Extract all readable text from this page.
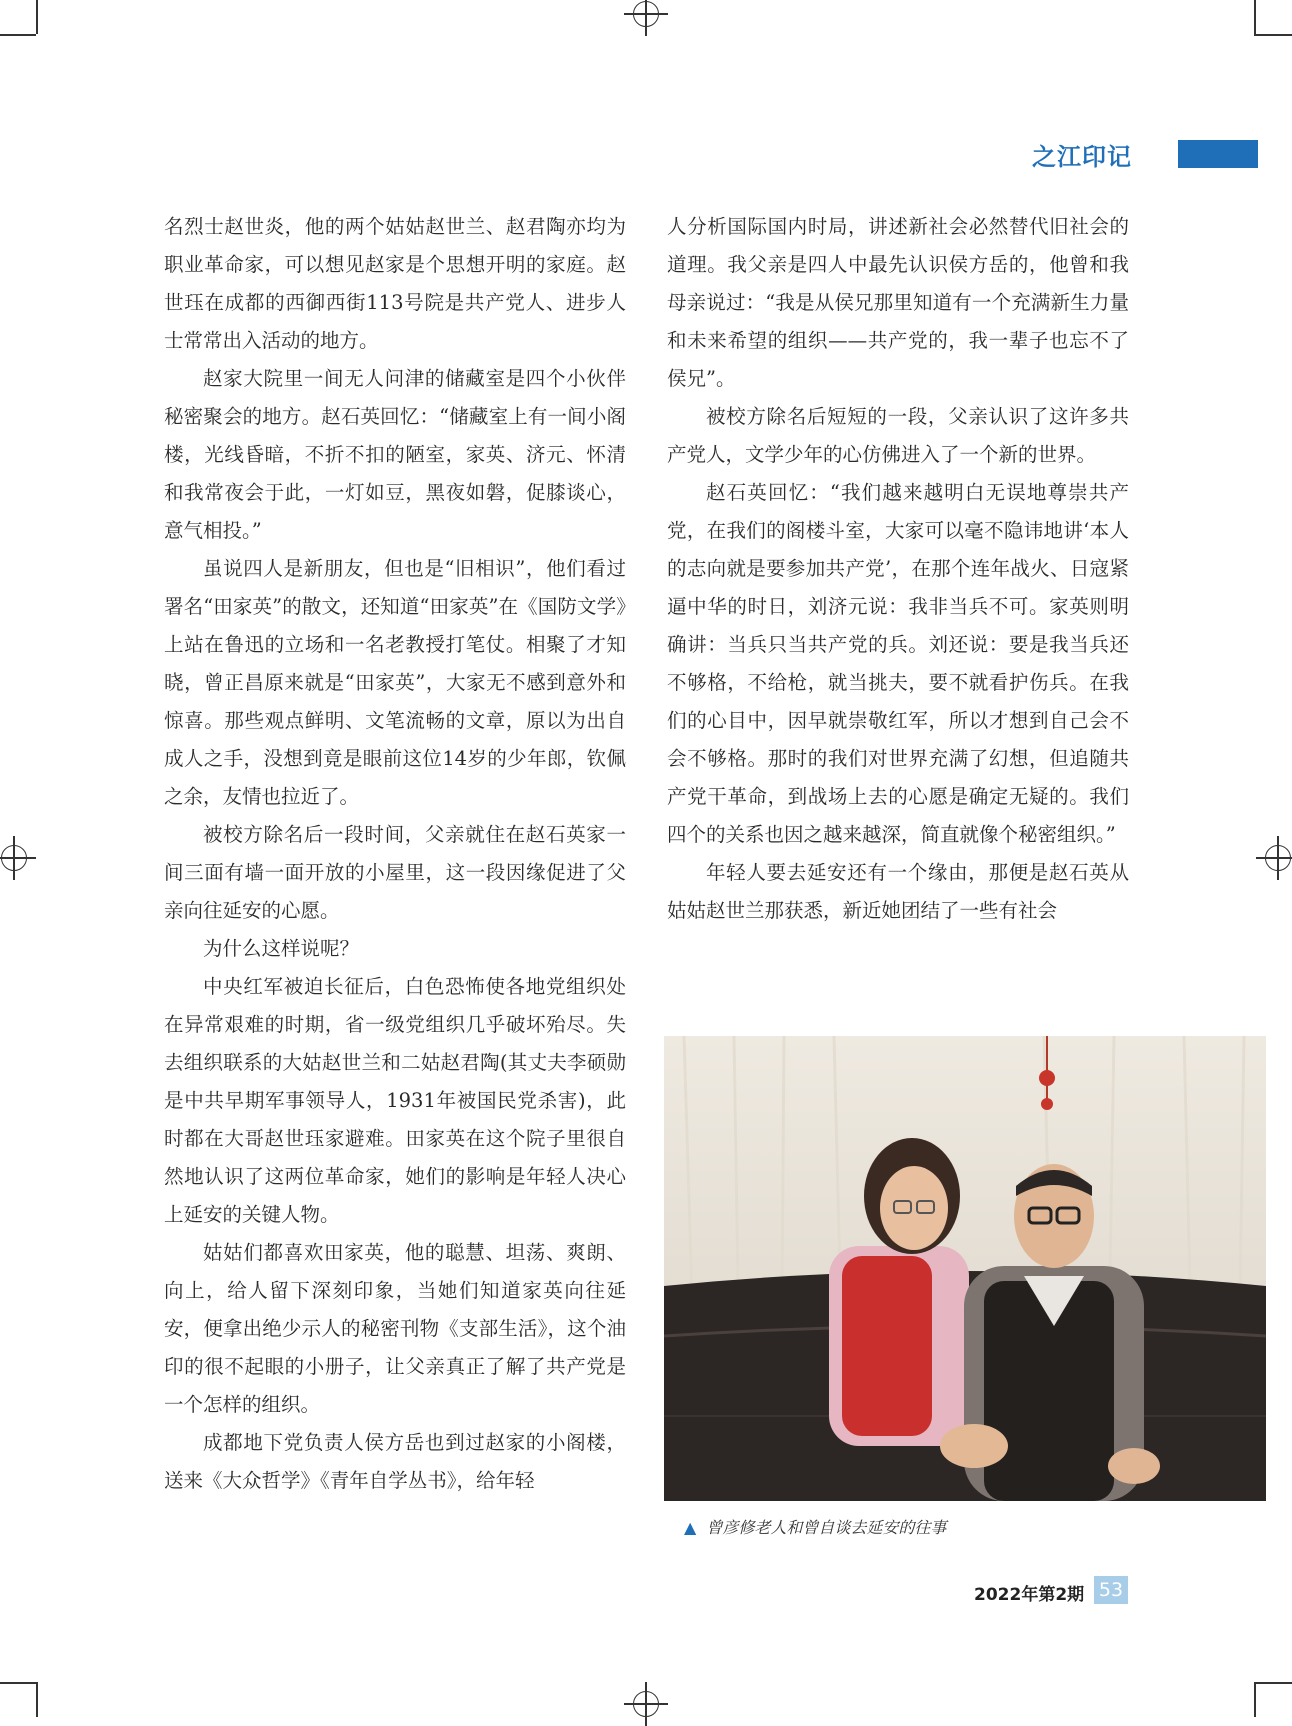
之江印记

名烈士赵世炎，他的两个姑姑赵世兰、赵君陶亦均为职业革命家，可以想见赵家是个思想开明的家庭。赵世珏在成都的西御西街113号院是共产党人、进步人士常常出入活动的地方。

赵家大院里一间无人问津的储藏室是四个小伙伴秘密聚会的地方。赵石英回忆：“储藏室上有一间小阁楼，光线昏暗，不折不扣的陋室，家英、济元、怀清和我常夜会于此，一灯如豆，黑夜如磐，促膝谈心，意气相投。”

虽说四人是新朋友，但也是“旧相识”，他们看过署名“田家英”的散文，还知道“田家英”在《国防文学》上站在鲁迅的立场和一名老教授打笔仗。相聚了才知晓，曾正昌原来就是“田家英”，大家无不感到意外和惊喜。那些观点鲜明、文笔流畅的文章，原以为出自成人之手，没想到竟是眼前这位14岁的少年郎，钦佩之余，友情也拉近了。

被校方除名后一段时间，父亲就住在赵石英家一间三面有墙一面开放的小屋里，这一段因缘促进了父亲向往延安的心愿。

为什么这样说呢？

中央红军被迫长征后，白色恐怖使各地党组织处在异常艰难的时期，省一级党组织几乎破坏殆尽。失去组织联系的大姑赵世兰和二姑赵君陶(其丈夫李硕勋是中共早期军事领导人，1931年被国民党杀害)，此时都在大哥赵世珏家避难。田家英在这个院子里很自然地认识了这两位革命家，她们的影响是年轻人决心上延安的关键人物。

姑姑们都喜欢田家英，他的聪慧、坦荡、爽朗、向上，给人留下深刻印象，当她们知道家英向往延安，便拿出绝少示人的秘密刊物《支部生活》，这个油印的很不起眼的小册子，让父亲真正了解了共产党是一个怎样的组织。

成都地下党负责人侯方岳也到过赵家的小阁楼，送来《大众哲学》《青年自学丛书》，给年轻

人分析国际国内时局，讲述新社会必然替代旧社会的道理。我父亲是四人中最先认识侯方岳的，他曾和我母亲说过：“我是从侯兄那里知道有一个充满新生力量和未来希望的组织——共产党的，我一辈子也忘不了侯兄”。

被校方除名后短短的一段，父亲认识了这许多共产党人，文学少年的心仿佛进入了一个新的世界。

赵石英回忆：“我们越来越明白无误地尊崇共产党，在我们的阁楼斗室，大家可以毫不隐讳地讲‘本人的志向就是要参加共产党’，在那个连年战火、日寇紧逼中华的时日，刘济元说：我非当兵不可。家英则明确讲：当兵只当共产党的兵。刘还说：要是我当兵还不够格，不给枪，就当挑夫，要不就看护伤兵。在我们的心目中，因早就崇敬红军，所以才想到自己会不会不够格。那时的我们对世界充满了幻想，但追随共产党干革命，到战场上去的心愿是确定无疑的。我们四个的关系也因之越来越深，简直就像个秘密组织。”

年轻人要去延安还有一个缘由，那便是赵石英从姑姑赵世兰那获悉，新近她团结了一些有社会

▲ 曾彦修老人和曾自谈去延安的往事
2022年第2期 53
